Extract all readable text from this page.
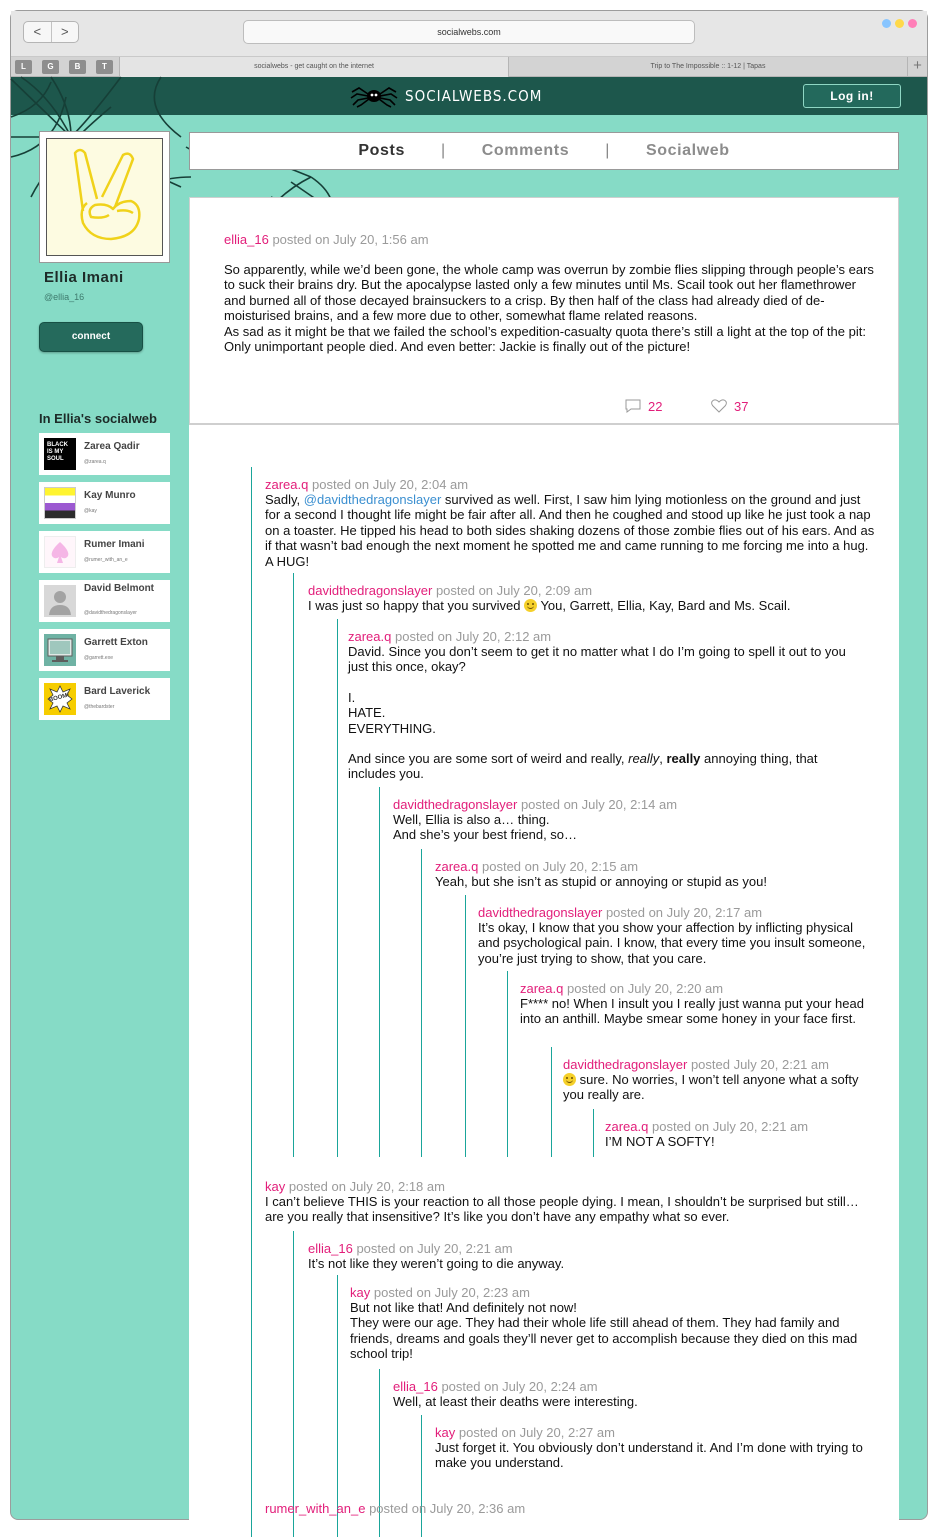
<	>	socialwebs.com
L	G	B	T	socialwebs - get caught on the internet	Trip to The Impossible :: 1-12 | Tapas	+
SOCIALWEBS.COM	Log in!
Ellia Imani
@ellia_16
connect
In Ellia's socialweb
BLACK IS MY SOUL
Zarea Qadir
@zarea.q
Kay Munro
@kay
Rumer Imani
@rumer_with_an_e
David Belmont
@davidthedragonslayer
Garrett Exton
@garrett.exe
BOOM!
Bard Laverick
@thebardster
Posts | Comments | Socialweb
ellia_16 posted on July 20, 1:56 am
So apparently, while we’d been gone, the whole camp was overrun by zombie flies slipping through people’s ears to suck their brains dry. But the apocalypse lasted only a few minutes until Ms. Scail took out her flamethrower and burned all of those decayed brainsuckers to a crisp. By then half of the class had already died of de-moisturised brains, and a few more due to other, somewhat flame related reasons.
As sad as it might be that we failed the school’s expedition-casualty quota there’s still a light at the top of the pit: Only unimportant people died. And even better: Jackie is finally out of the picture!
22	37
zarea.q posted on July 20, 2:04 am
Sadly, @davidthedragonslayer survived as well. First, I saw him lying motionless on the ground and just for a second I thought life might be fair after all. And then he coughed and stood up like he just took a nap on a toaster. He tipped his head to both sides shaking dozens of those zombie flies out of his ears. And as if that wasn’t bad enough the next moment he spotted me and came running to me forcing me into a hug. A HUG!
davidthedragonslayer posted on July 20, 2:09 am
I was just so happy that you survived  You, Garrett, Ellia, Kay, Bard and Ms. Scail.
zarea.q posted on July 20, 2:12 am
David. Since you don’t seem to get it no matter what I do I’m going to spell it out to you just this once, okay?
I.
HATE.
EVERYTHING.
And since you are some sort of weird and really, really, really annoying thing, that includes you.
davidthedragonslayer posted on July 20, 2:14 am
Well, Ellia is also a… thing.
And she’s your best friend, so…
zarea.q posted on July 20, 2:15 am
Yeah, but she isn’t as stupid or annoying or stupid as you!
davidthedragonslayer posted on July 20, 2:17 am
It’s okay, I know that you show your affection by inflicting physical and psychological pain. I know, that every time you insult someone, you’re just trying to show, that you care.
zarea.q posted on July 20, 2:20 am
F**** no! When I insult you I really just wanna put your head into an anthill. Maybe smear some honey in your face first.
davidthedragonslayer posted July 20, 2:21 am
sure. No worries, I won’t tell anyone what a softy you really are.
zarea.q posted on July 20, 2:21 am
I’M NOT A SOFTY!
kay posted on July 20, 2:18 am
I can’t believe THIS is your reaction to all those people dying. I mean, I shouldn’t be surprised but still… are you really that insensitive? It’s like you don’t have any empathy what so ever.
ellia_16 posted on July 20, 2:21 am
It’s not like they weren’t going to die anyway.
kay posted on July 20, 2:23 am
But not like that! And definitely not now!
They were our age. They had their whole life still ahead of them. They had family and friends, dreams and goals they’ll never get to accomplish because they died on this mad school trip!
ellia_16 posted on July 20, 2:24 am
Well, at least their deaths were interesting.
kay posted on July 20, 2:27 am
Just forget it. You obviously don’t understand it. And I’m done with trying to make you understand.
rumer_with_an_e posted on July 20, 2:36 am
